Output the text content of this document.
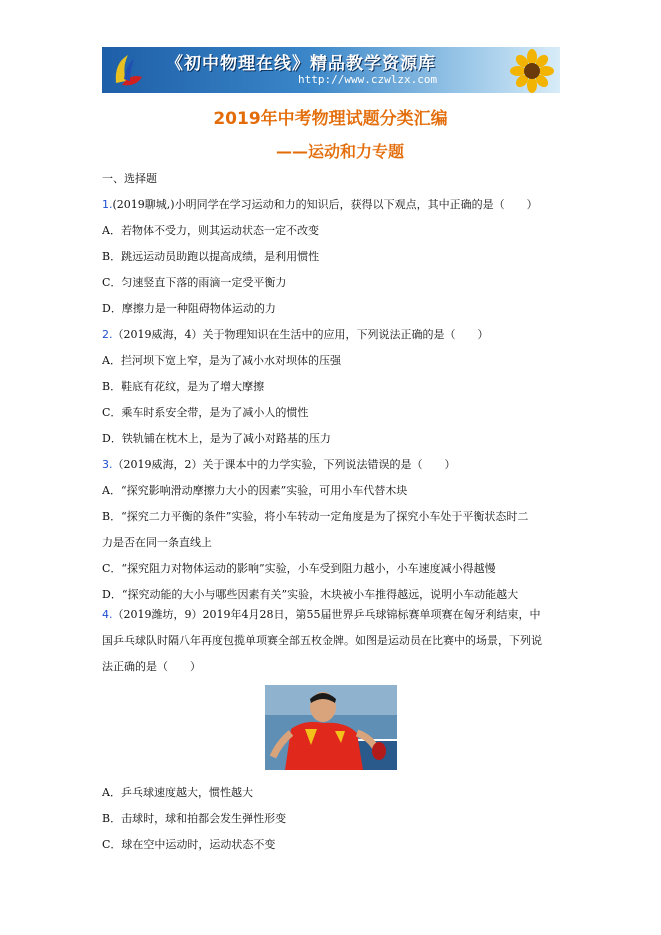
《初中物理在线》精品教学资源库
http://www.czwlzx.com
2019年中考物理试题分类汇编
——运动和力专题
一、选择题
1.(2019聊城,)小明同学在学习运动和力的知识后，获得以下观点，其中正确的是（　　）
A．若物体不受力，则其运动状态一定不改变
B．跳远运动员助跑以提高成绩，是利用惯性
C．匀速竖直下落的雨滴一定受平衡力
D．摩擦力是一种阻碍物体运动的力
2.（2019威海，4）关于物理知识在生活中的应用，下列说法正确的是（　　）
A．拦河坝下宽上窄，是为了减小水对坝体的压强
B．鞋底有花纹，是为了增大摩擦
C．乘车时系安全带，是为了减小人的惯性
D．铁轨铺在枕木上，是为了减小对路基的压力
3.（2019威海，2）关于课本中的力学实验，下列说法错误的是（　　）
A．“探究影响滑动摩擦力大小的因素”实验，可用小车代替木块
B．“探究二力平衡的条件”实验，将小车转动一定角度是为了探究小车处于平衡状态时二
力是否在同一条直线上
C．“探究阻力对物体运动的影响”实验，小车受到阻力越小，小车速度减小得越慢
D．“探究动能的大小与哪些因素有关”实验，木块被小车推得越远，说明小车动能越大
4.（2019潍坊，9）2019年4月28日，第55届世界乒乓球锦标赛单项赛在匈牙利结束，中
国乒乓球队时隔八年再度包揽单项赛全部五枚金牌。如图是运动员在比赛中的场景，下列说
法正确的是（　　）
A．乒乓球速度越大，惯性越大
B．击球时，球和拍都会发生弹性形变
C．球在空中运动时，运动状态不变
